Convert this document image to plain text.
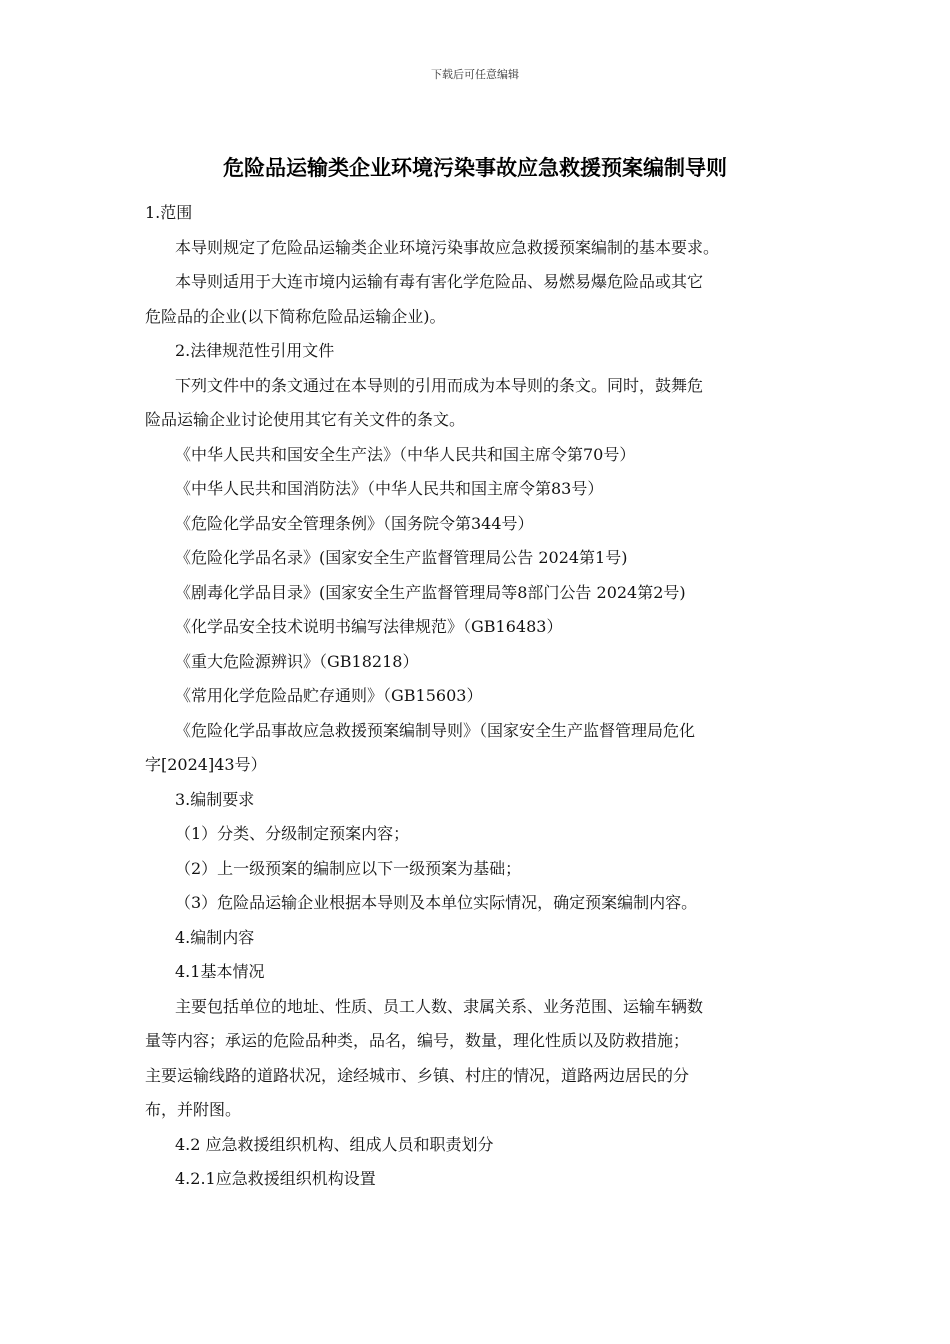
下载后可任意编辑
危险品运输类企业环境污染事故应急救援预案编制导则

1.范围

本导则规定了危险品运输类企业环境污染事故应急救援预案编制的基本要求。

本导则适用于大连市境内运输有毒有害化学危险品、易燃易爆危险品或其它

危险品的企业(以下简称危险品运输企业)。

2.法律规范性引用文件

下列文件中的条文通过在本导则的引用而成为本导则的条文。同时，鼓舞危

险品运输企业讨论使用其它有关文件的条文。

《中华人民共和国安全生产法》（中华人民共和国主席令第70号）

《中华人民共和国消防法》（中华人民共和国主席令第83号）

《危险化学品安全管理条例》（国务院令第344号）

《危险化学品名录》(国家安全生产监督管理局公告 2024第1号)

《剧毒化学品目录》(国家安全生产监督管理局等8部门公告 2024第2号)

《化学品安全技术说明书编写法律规范》（GB16483）

《重大危险源辨识》（GB18218）

《常用化学危险品贮存通则》（GB15603）

《危险化学品事故应急救援预案编制导则》（国家安全生产监督管理局危化

字[2024]43号）

3.编制要求

（1）分类、分级制定预案内容；

（2）上一级预案的编制应以下一级预案为基础；

（3）危险品运输企业根据本导则及本单位实际情况，确定预案编制内容。

4.编制内容

4.1基本情况

主要包括单位的地址、性质、员工人数、隶属关系、业务范围、运输车辆数

量等内容；承运的危险品种类，品名，编号，数量，理化性质以及防救措施；

主要运输线路的道路状况，途经城市、乡镇、村庄的情况，道路两边居民的分

布，并附图。

4.2 应急救援组织机构、组成人员和职责划分

4.2.1应急救援组织机构设置
